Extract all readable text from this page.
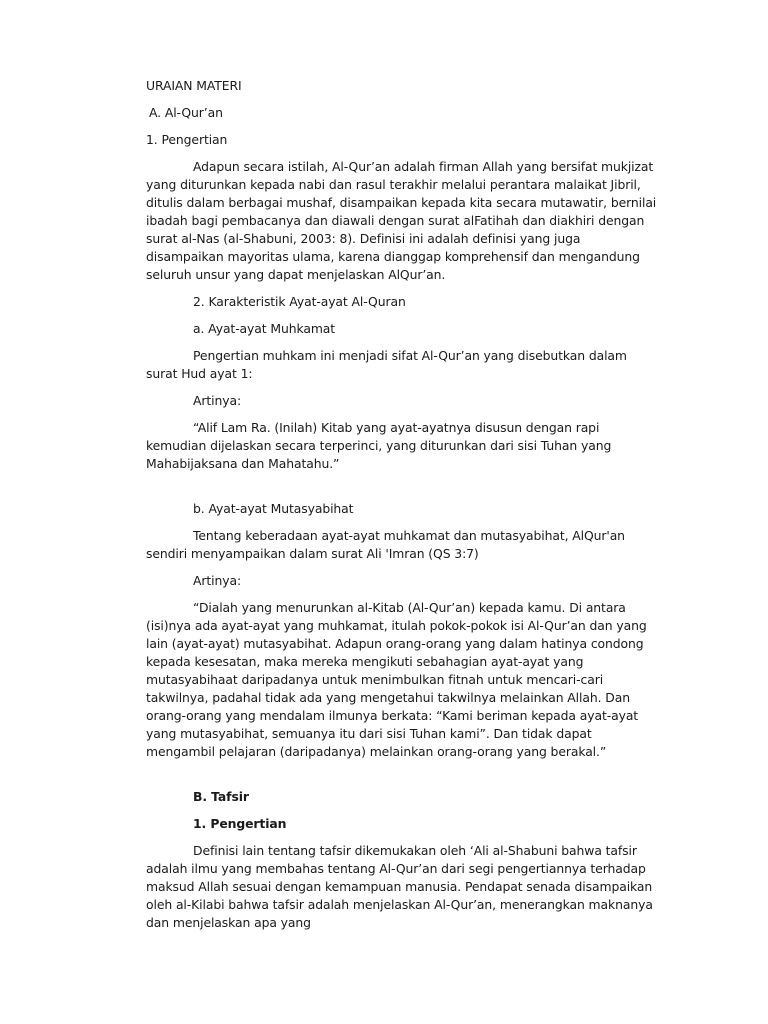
URAIAN MATERI

A. Al-Qur’an

1. Pengertian

Adapun secara istilah, Al-Qur’an adalah firman Allah yang bersifat mukjizat yang diturunkan kepada nabi dan rasul terakhir melalui perantara malaikat Jibril, ditulis dalam berbagai mushaf, disampaikan kepada kita secara mutawatir, bernilai ibadah bagi pembacanya dan diawali dengan surat alFatihah dan diakhiri dengan surat al-Nas (al-Shabuni, 2003: 8). Definisi ini adalah definisi yang juga disampaikan mayoritas ulama, karena dianggap komprehensif dan mengandung seluruh unsur yang dapat menjelaskan AlQur’an.

2. Karakteristik Ayat-ayat Al-Quran

a. Ayat-ayat Muhkamat

Pengertian muhkam ini menjadi sifat Al-Qur’an yang disebutkan dalam surat Hud ayat 1:

Artinya:

“Alif Lam Ra. (Inilah) Kitab yang ayat-ayatnya disusun dengan rapi kemudian dijelaskan secara terperinci, yang diturunkan dari sisi Tuhan yang Mahabijaksana dan Mahatahu.”

b. Ayat-ayat Mutasyabihat

Tentang keberadaan ayat-ayat muhkamat dan mutasyabihat, AlQur'an sendiri menyampaikan dalam surat Ali 'Imran (QS 3:7)

Artinya:

“Dialah yang menurunkan al-Kitab (Al-Qur’an) kepada kamu. Di antara (isi)nya ada ayat-ayat yang muhkamat, itulah pokok-pokok isi Al-Qur’an dan yang lain (ayat-ayat) mutasyabihat. Adapun orang-orang yang dalam hatinya condong kepada kesesatan, maka mereka mengikuti sebahagian ayat-ayat yang mutasyabihaat daripadanya untuk menimbulkan fitnah untuk mencari-cari takwilnya, padahal tidak ada yang mengetahui takwilnya melainkan Allah. Dan orang-orang yang mendalam ilmunya berkata: “Kami beriman kepada ayat-ayat yang mutasyabihat, semuanya itu dari sisi Tuhan kami”. Dan tidak dapat mengambil pelajaran (daripadanya) melainkan orang-orang yang berakal.”

B. Tafsir

1. Pengertian

Definisi lain tentang tafsir dikemukakan oleh ‘Ali al-Shabuni bahwa tafsir adalah ilmu yang membahas tentang Al-Qur’an dari segi pengertiannya terhadap maksud Allah sesuai dengan kemampuan manusia. Pendapat senada disampaikan oleh al-Kilabi bahwa tafsir adalah menjelaskan Al-Qur’an, menerangkan maknanya dan menjelaskan apa yang
